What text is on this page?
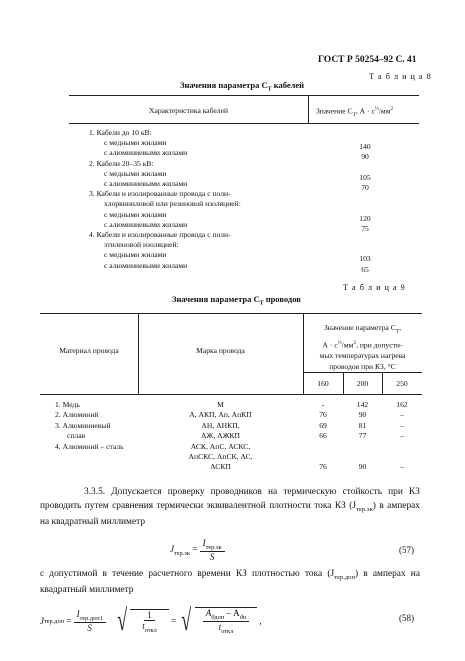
ГОСТ Р 50254–92 С. 41
Т а б л и ц а 8
Значения параметра $C_T$ кабелей
Характеристика кабелей	Значение $C_T$, $А \cdot c^{\frac{1}{2}}/мм^2$
1. Кабели до 10 кВ:
с медными жилами	140
с алюминиевыми жилами	90
2. Кабели 20–35 кВ:
с медными жилами	105
с алюминиевыми жилами	70
3. Кабели и изолированные провода с поли-
хлорвиниловой или резиновой изоляцией:
с медными жилами	120
с алюминиевыми жилами	75
4. Кабели и изолированные провода с поли-
этиленовой изоляцией:
с медными жилами	103
с алюминиевыми жилами	65
Т а б л и ц а 9
Значения параметра $C_T$ проводов
Материал провода	Марка провода
Значение параметра $C_T$,
$А \cdot c^{\frac{1}{2}}/мм^2$, при допусти-
мых температурах нагрева
проводов при КЗ, °С
160	200	250
1. Медь	М	-	142	162
2. Алюминий	А, АКП, Ап, АпКП	76	90	–
3. Алюминиевый	АН, АНКП,	69	81	–
сплав	АЖ, АЖКП	66	77	–
4. Алюминий – сталь	АСК, АпС, АСКС,
АпСКС, АпСК, АС,
АСКП	76	90	–
3.3.5. Допускается проверку проводников на термическую стойкость при КЗ проводить путем сравнения термически эквивалентной плотности тока КЗ $(J_{тер.эк})$ в амперах на квадратный миллиметр
$J_{тер.эк} = \frac{I_{тер.эк}}{S}$	(57)
с допустимой в течение расчетного времени КЗ плотностью тока $(J_{тер.доп})$ в амперах на квадратный миллиметр
J $тер.доп = \frac{I_{тер.доп1}}{S}$ √ $\frac{1}{t_{откл}}$ = √ $\frac{A_{ϑдоп} - A_{ϑн}}{t_{откл}}$ ,	(58)
